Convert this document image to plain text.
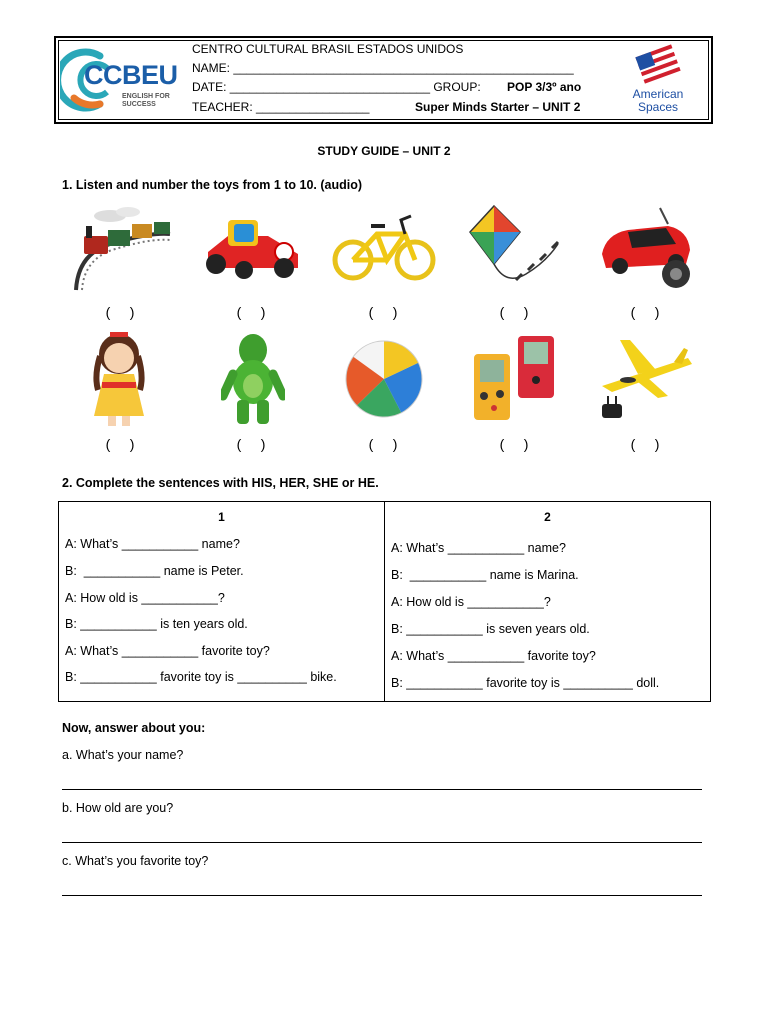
CCBEU
ENGLISH FOR SUCCESS
CENTRO CULTURAL BRASIL ESTADOS UNIDOS
NAME: ___________________________________________________
DATE: ______________________________ GROUP: POP 3/3º ano
TEACHER: _________________	Super Minds Starter – UNIT 2
American
Spaces
STUDY GUIDE – UNIT 2
1. Listen and number the toys from 1 to 10. (audio)
(     )	(     )	(     )	(     )	(     )
(     )	(     )	(     )	(     )	(     )
2. Complete the sentences with HIS, HER, SHE or HE.
1
A: What’s ___________ name?
B:  ___________ name is Peter.
A: How old is ___________?
B: ___________ is ten years old.
A: What’s ___________ favorite toy?
B: ___________ favorite toy is __________ bike.

2
A: What’s ___________ name?
B:  ___________ name is Marina.
A: How old is ___________?
B: ___________ is seven years old.
A: What’s ___________ favorite toy?
B: ___________ favorite toy is __________ doll.
Now, answer about you:
a. What’s your name?
b. How old are you?
c. What’s you favorite toy?
